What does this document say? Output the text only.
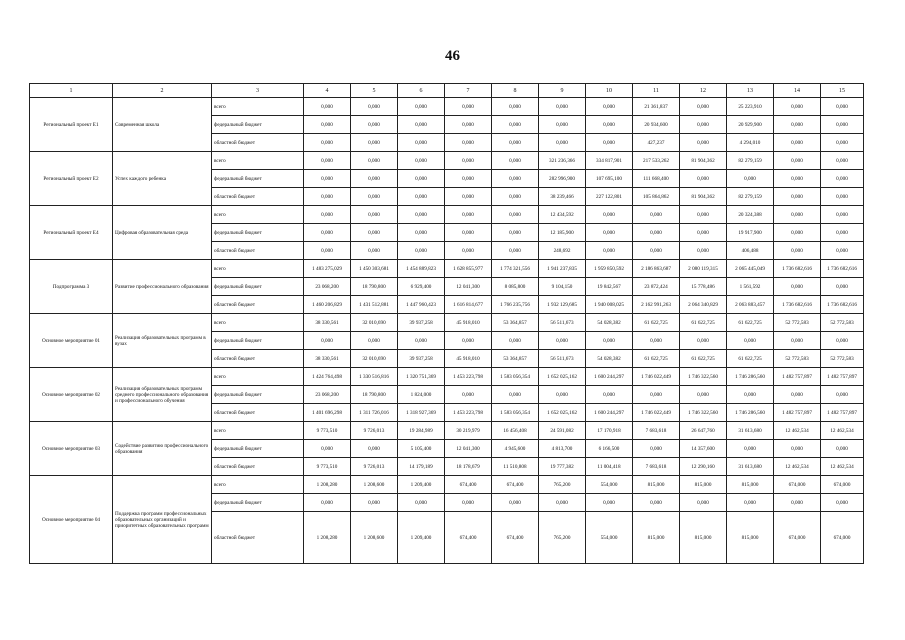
46
1	2	3	4	5	6	7	8	9	10	11	12	13	14	15
Региональный проект Е1	Современная школа	всего	0,000	0,000	0,000	0,000	0,000	0,000	0,000	21 361,837	0,000	25 223,910	0,000	0,000
		федеральный бюджет	0,000	0,000	0,000	0,000	0,000	0,000	0,000	20 934,600	0,000	20 929,900	0,000	0,000
		областной бюджет	0,000	0,000	0,000	0,000	0,000	0,000	0,000	427,237	0,000	4 294,010	0,000	0,000
Региональный проект Е2	Успех каждого ребенка	всего	0,000	0,000	0,000	0,000	0,000	321 236,366	334 817,901	217 533,262	81 904,362	82 279,159	0,000	0,000
		федеральный бюджет	0,000	0,000	0,000	0,000	0,000	282 996,900	107 695,100	111 668,400	0,000	0,000	0,000	0,000
		областной бюджет	0,000	0,000	0,000	0,000	0,000	38 239,466	227 122,801	105 864,862	81 904,362	82 279,159	0,000	0,000
Региональный проект Е4	Цифровая образовательная среда	всего	0,000	0,000	0,000	0,000	0,000	12 434,592	0,000	0,000	0,000	20 324,388	0,000	0,000
		федеральный бюджет	0,000	0,000	0,000	0,000	0,000	12 185,900	0,000	0,000	0,000	19 917,900	0,000	0,000
		областной бюджет	0,000	0,000	0,000	0,000	0,000	248,692	0,000	0,000	0,000	406,488	0,000	0,000
Подпрограмма 3	Развитие профессионального образования	всего	1 483 275,029	1 450 303,681	1 454 889,823	1 628 855,977	1 774 321,556	1 941 237,835	1 959 850,592	2 186 863,687	2 080 119,315	2 065 445,049	1 736 682,616	1 736 682,616
		федеральный бюджет	23 068,200	18 790,800	6 929,400	12 041,300	8 085,800	9 104,150	19 842,567	23 872,424	15 778,486	1 561,592	0,000	0,000
		областной бюджет	1 460 206,829	1 431 512,881	1 447 960,423	1 616 814,677	1 766 235,756	1 932 129,685	1 940 008,025	2 162 991,263	2 064 340,829	2 063 883,457	1 736 682,616	1 736 682,616
Основное мероприятие 01	Реализация образовательных программ в вузах	всего	38 330,561	32 010,690	39 937,258	45 918,010	53 364,857	56 511,673	54 028,382	61 622,725	61 622,725	61 622,725	52 772,583	52 772,583
		федеральный бюджет	0,000	0,000	0,000	0,000	0,000	0,000	0,000	0,000	0,000	0,000	0,000	0,000
		областной бюджет	38 330,561	32 010,690	39 937,258	45 918,010	53 364,857	56 511,673	54 028,382	61 622,725	61 622,725	61 622,725	52 772,583	52 772,583
Основное мероприятие 02	Реализация образовательных программ среднего профессионального образования и профессионального обучения	всего	1 424 764,498	1 330 516,816	1 320 751,369	1 453 223,798	1 583 056,354	1 652 025,162	1 600 244,297	1 746 022,449	1 746 322,560	1 746 286,560	1 482 757,897	1 482 757,897
		федеральный бюджет	23 068,200	18 790,800	1 824,000	0,000	0,000	0,000	0,000	0,000	0,000	0,000	0,000	0,000
		областной бюджет	1 401 696,298	1 311 726,016	1 318 927,369	1 453 223,798	1 583 056,354	1 652 025,162	1 600 244,297	1 746 022,449	1 746 322,560	1 746 286,560	1 482 757,897	1 482 757,897
Основное мероприятие 03	Содействие развитию профессионального образования	всего	9 773,510	9 726,013	19 284,989	30 219,979	16 456,408	24 591,082	17 170,918	7 683,618	26 647,760	31 613,680	12 462,534	12 462,534
		федеральный бюджет	0,000	0,000	5 105,400	12 041,300	4 945,600	4 813,700	6 166,500	0,000	14 357,600	0,000	0,000	0,000
		областной бюджет	9 773,510	9 726,013	14 179,189	18 178,679	11 510,808	19 777,382	11 004,418	7 683,618	12 290,160	31 613,680	12 462,534	12 462,534
Основное мероприятие 04	Поддержка программ профессиональных образовательных организаций и приоритетных образовательных программ	всего	1 208,280	1 208,600	1 209,400	674,400	674,400	765,200	554,000	815,000	815,000	815,000	674,000	674,000
		федеральный бюджет	0,000	0,000	0,000	0,000	0,000	0,000	0,000	0,000	0,000	0,000	0,000	0,000
		областной бюджет	1 208,280	1 208,600	1 209,400	674,400	674,400	765,200	554,000	815,000	815,000	815,000	674,000	674,000
